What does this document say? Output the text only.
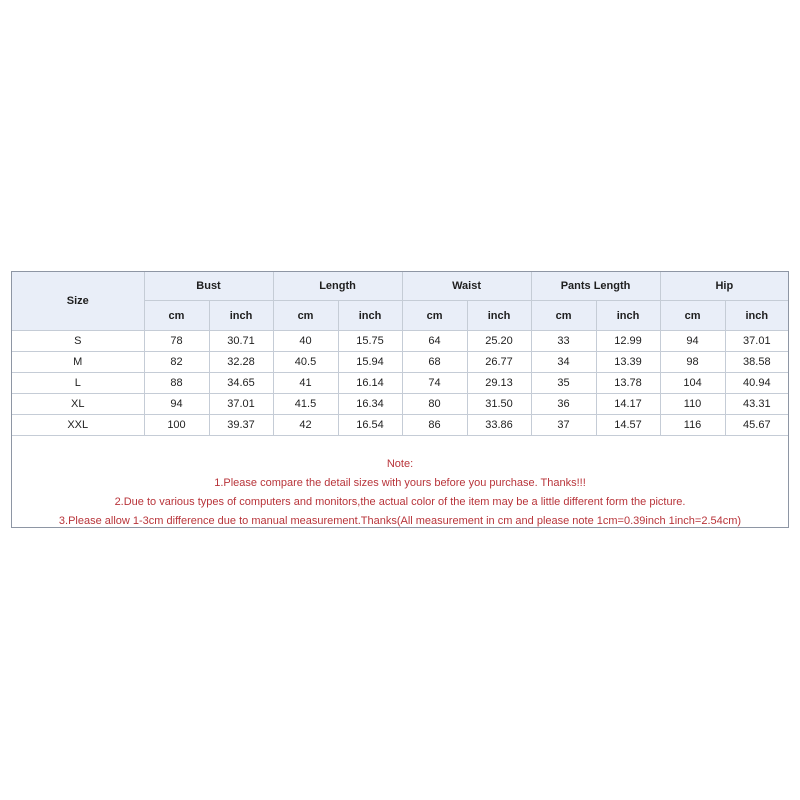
Size	Bust		Length		Waist		Pants Length		Hip	
	cm	inch	cm	inch	cm	inch	cm	inch	cm	inch
S	78	30.71	40	15.75	64	25.20	33	12.99	94	37.01
M	82	32.28	40.5	15.94	68	26.77	34	13.39	98	38.58
L	88	34.65	41	16.14	74	29.13	35	13.78	104	40.94
XL	94	37.01	41.5	16.34	80	31.50	36	14.17	110	43.31
XXL	100	39.37	42	16.54	86	33.86	37	14.57	116	45.67
Note:
1.Please compare the detail sizes with yours before you purchase. Thanks!!!
2.Due to various types of computers and monitors,the actual color of the item may be a little different form the picture.
3.Please allow 1-3cm difference due to manual measurement.Thanks(All measurement in cm and please note 1cm=0.39inch 1inch=2.54cm)
